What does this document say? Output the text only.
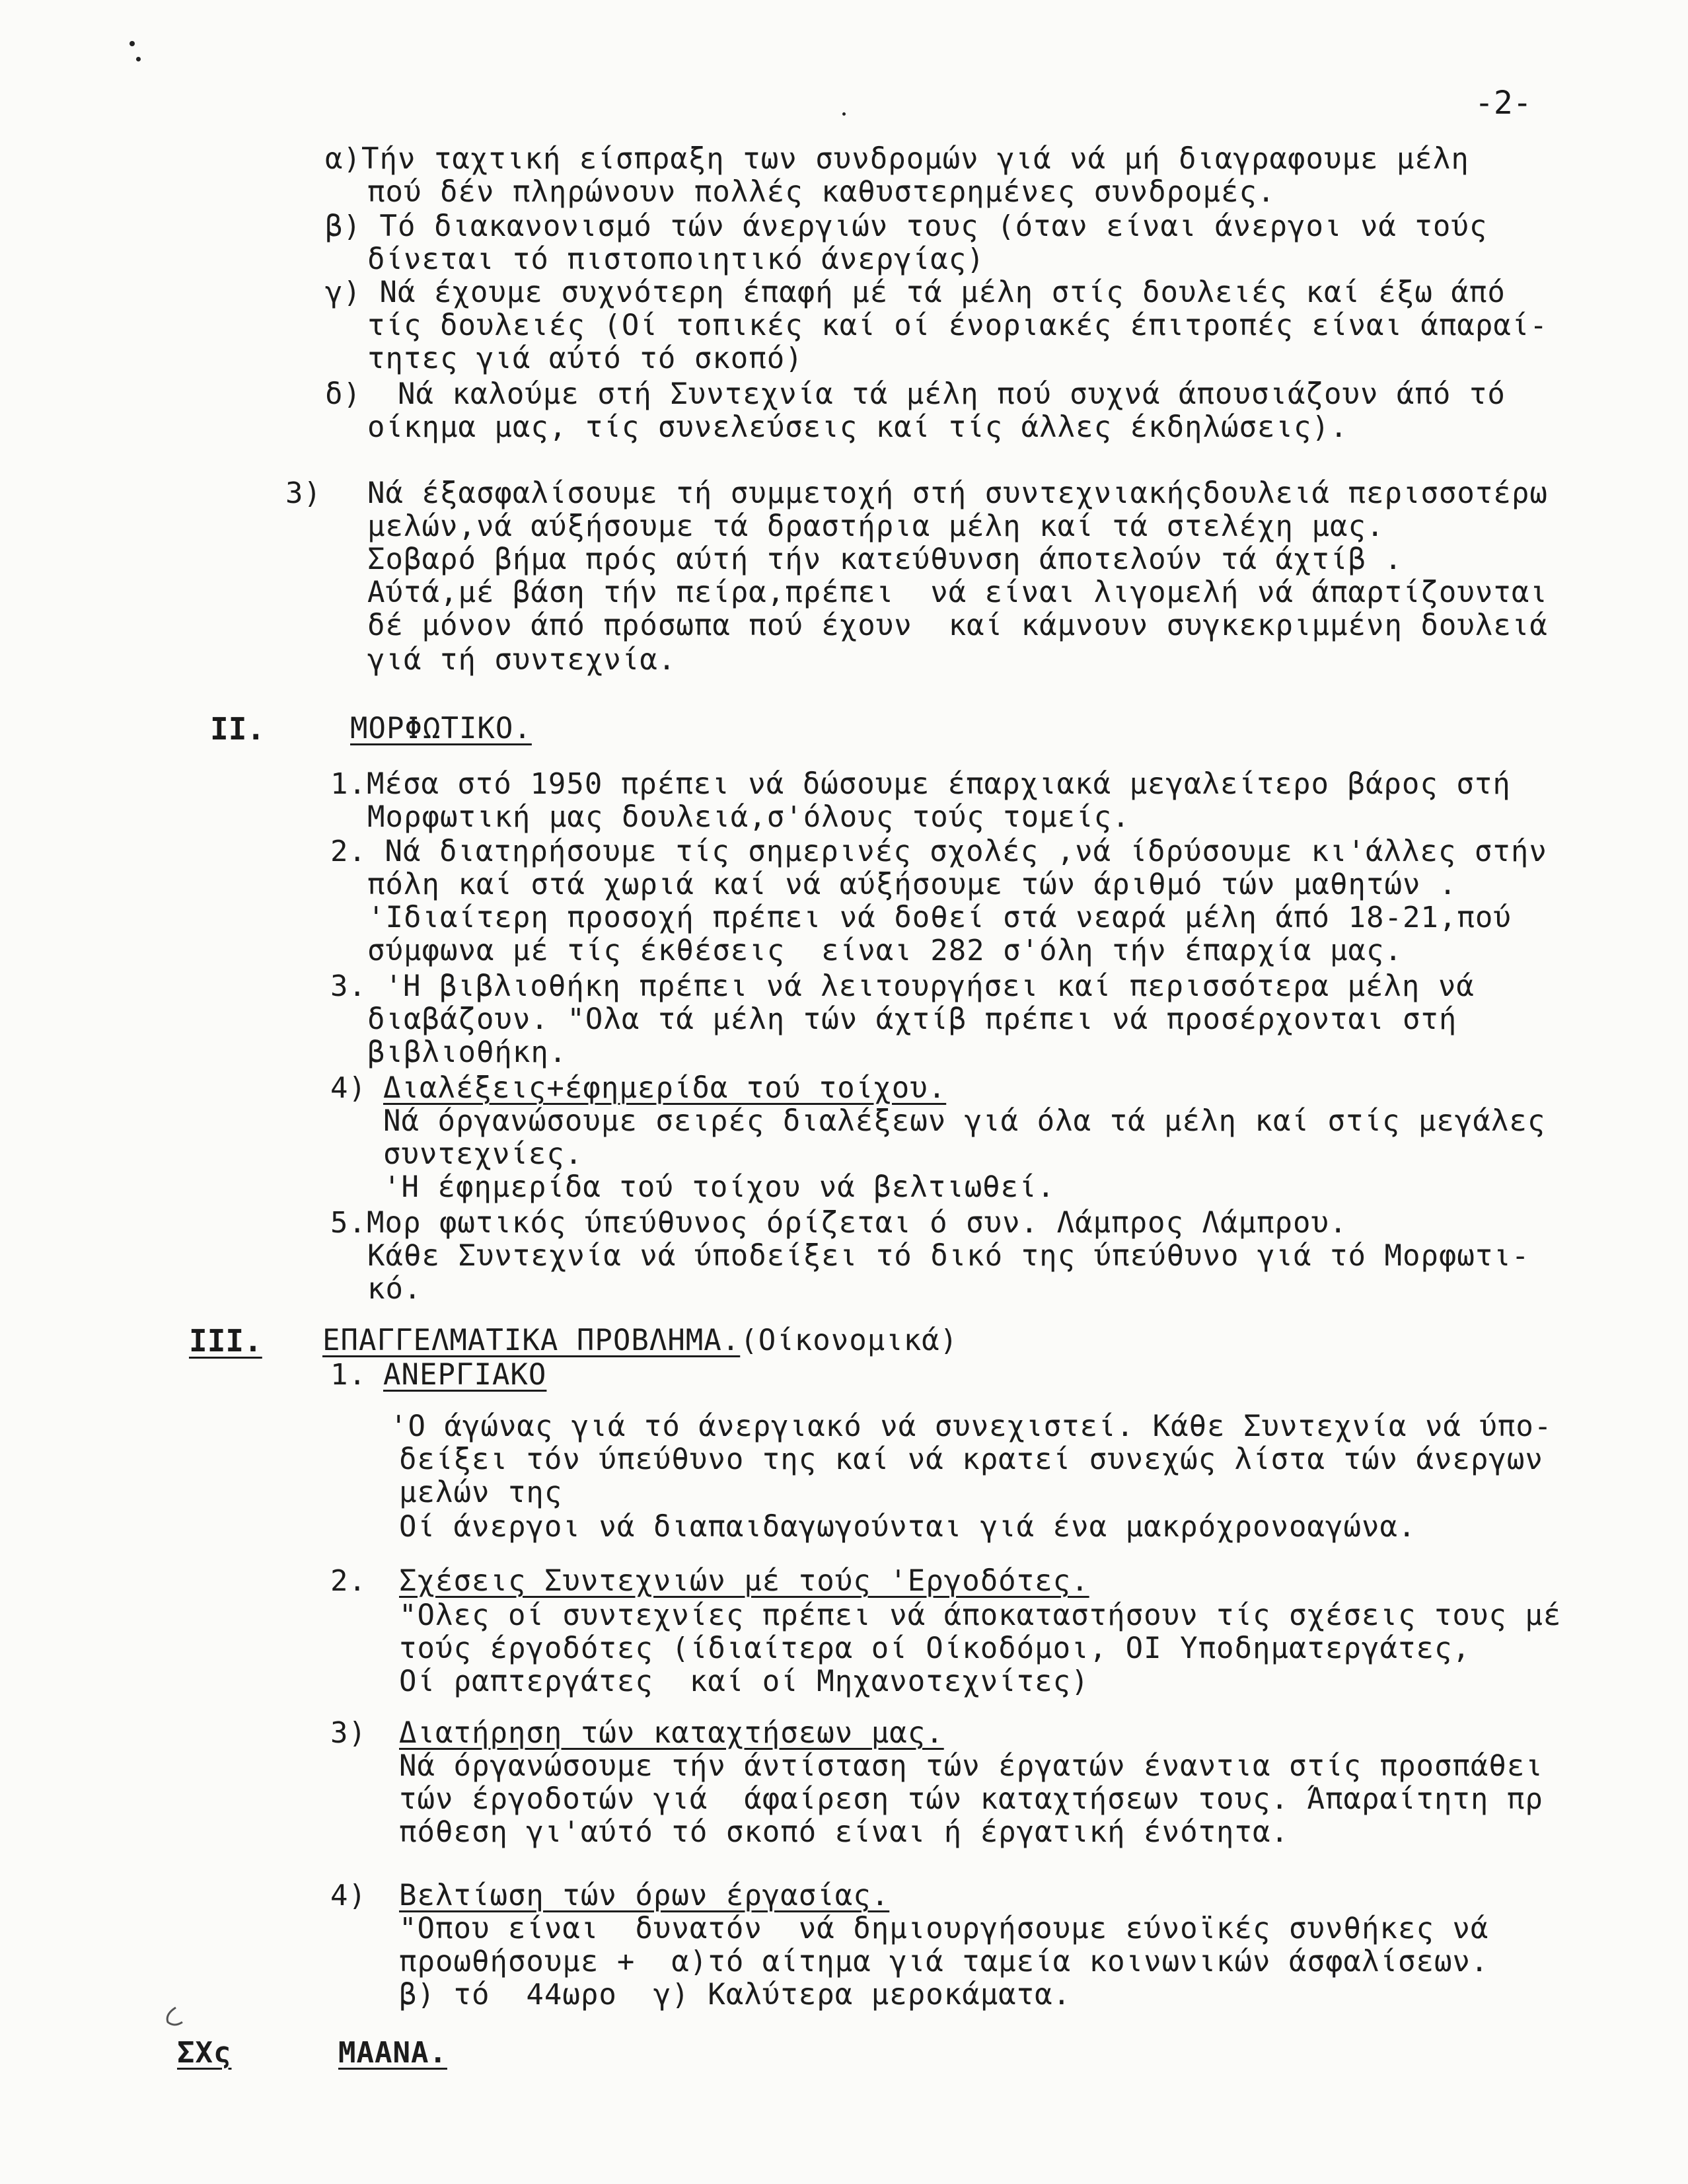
-2-
α)Τήν ταχτική είσπραξη των συνδρομών γιά νά μή διαγραφουμε μέλη
πού δέν πληρώνουν πολλές καθυστερημένες συνδρομές.
β) Τό διακανονισμό τών άνεργιών τους (όταν είναι άνεργοι νά τούς
δίνεται τό πιστοποιητικό άνεργίας)
γ) Νά έχουμε συχνότερη έπαφή μέ τά μέλη στίς δουλειές καί έξω άπό
τίς δουλειές (Οί τοπικές καί οί ένοριακές έπιτροπές είναι άπαραί-
τητες γιά αύτό τό σκοπό)
δ)  Νά καλούμε στή Συντεχνία τά μέλη πού συχνά άπουσιάζουν άπό τό
οίκημα μας, τίς συνελεύσεις καί τίς άλλες έκδηλώσεις).
3) Νά έξασφαλίσουμε τή συμμετοχή στή συντεχνιακήςδουλειά περισσοτέρω
μελών,νά αύξήσουμε τά δραστήρια μέλη καί τά στελέχη μας.
Σοβαρό βήμα πρός αύτή τήν κατεύθυνση άποτελούν τά άχτίβ .
Αύτά,μέ βάση τήν πείρα,πρέπει  νά είναι λιγομελή νά άπαρτίζουνται
δέ μόνον άπό πρόσωπα πού έχουν  καί κάμνουν συγκεκριμμένη δουλειά
γιά τή συντεχνία.
II.	ΜΟΡΦΩΤΙΚΟ.
1.Μέσα στό 1950 πρέπει νά δώσουμε έπαρχιακά μεγαλείτερο βάρος στή
Μορφωτική μας δουλειά,σ'όλους τούς τομείς.
2. Νά διατηρήσουμε τίς σημερινές σχολές ,νά ίδρύσουμε κι'άλλες στήν
πόλη καί στά χωριά καί νά αύξήσουμε τών άριθμό τών μαθητών .
'Ιδιαίτερη προσοχή πρέπει νά δοθεί στά νεαρά μέλη άπό 18-21,πού
σύμφωνα μέ τίς έκθέσεις  είναι 282 σ'όλη τήν έπαρχία μας.
3. 'Η βιβλιοθήκη πρέπει νά λειτουργήσει καί περισσότερα μέλη νά
διαβάζουν. "Ολα τά μέλη τών άχτίβ πρέπει νά προσέρχονται στή
βιβλιοθήκη.
4) Διαλέξεις+έφημερίδα τού τοίχου.
Νά όργανώσουμε σειρές διαλέξεων γιά όλα τά μέλη καί στίς μεγάλες
συντεχνίες.
'Η έφημερίδα τού τοίχου νά βελτιωθεί.
5.Μορ φωτικός ύπεύθυνος όρίζεται ό συν. Λάμπρος Λάμπρου.
Κάθε Συντεχνία νά ύποδείξει τό δικό της ύπεύθυνο γιά τό Μορφωτι-
κό.
III. ΕΠΑΓΓΕΛΜΑΤΙΚΑ ΠΡΟΒΛΗΜΑ.(Οίκονομικά)
1. ΑΝΕΡΓΙΑΚΟ
'Ο άγώνας γιά τό άνεργιακό νά συνεχιστεί. Κάθε Συντεχνία νά ύπο-
δείξει τόν ύπεύθυνο της καί νά κρατεί συνεχώς λίστα τών άνεργων
μελών της
Οί άνεργοι νά διαπαιδαγωγούνται γιά ένα μακρόχρονοαγώνα.
2. Σχέσεις Συντεχνιών μέ τούς 'Εργοδότες.
"Ολες οί συντεχνίες πρέπει νά άποκαταστήσουν τίς σχέσεις τους μέ
τούς έργοδότες (ίδιαίτερα οί Οίκοδόμοι, ΟΙ Υποδηματεργάτες,
Οί ραπτεργάτες  καί οί Μηχανοτεχνίτες)
3) Διατήρηση τών καταχτήσεων μας.
Νά όργανώσουμε τήν άντίσταση τών έργατών έναντια στίς προσπάθει
τών έργοδοτών γιά  άφαίρεση τών καταχτήσεων τους. Άπαραίτητη πρ
πόθεση γι'αύτό τό σκοπό είναι ή έργατική ένότητα.
4) Βελτίωση τών όρων έργασίας.
"Οπου είναι  δυνατόν  νά δημιουργήσουμε εύνοϊκές συνθήκες νά
προωθήσουμε +  α)τό αίτημα γιά ταμεία κοινωνικών άσφαλίσεων.
β) τό  44ωρο  γ) Καλύτερα μεροκάματα.
ΣΧς	ΜΑΑΝΑ.
